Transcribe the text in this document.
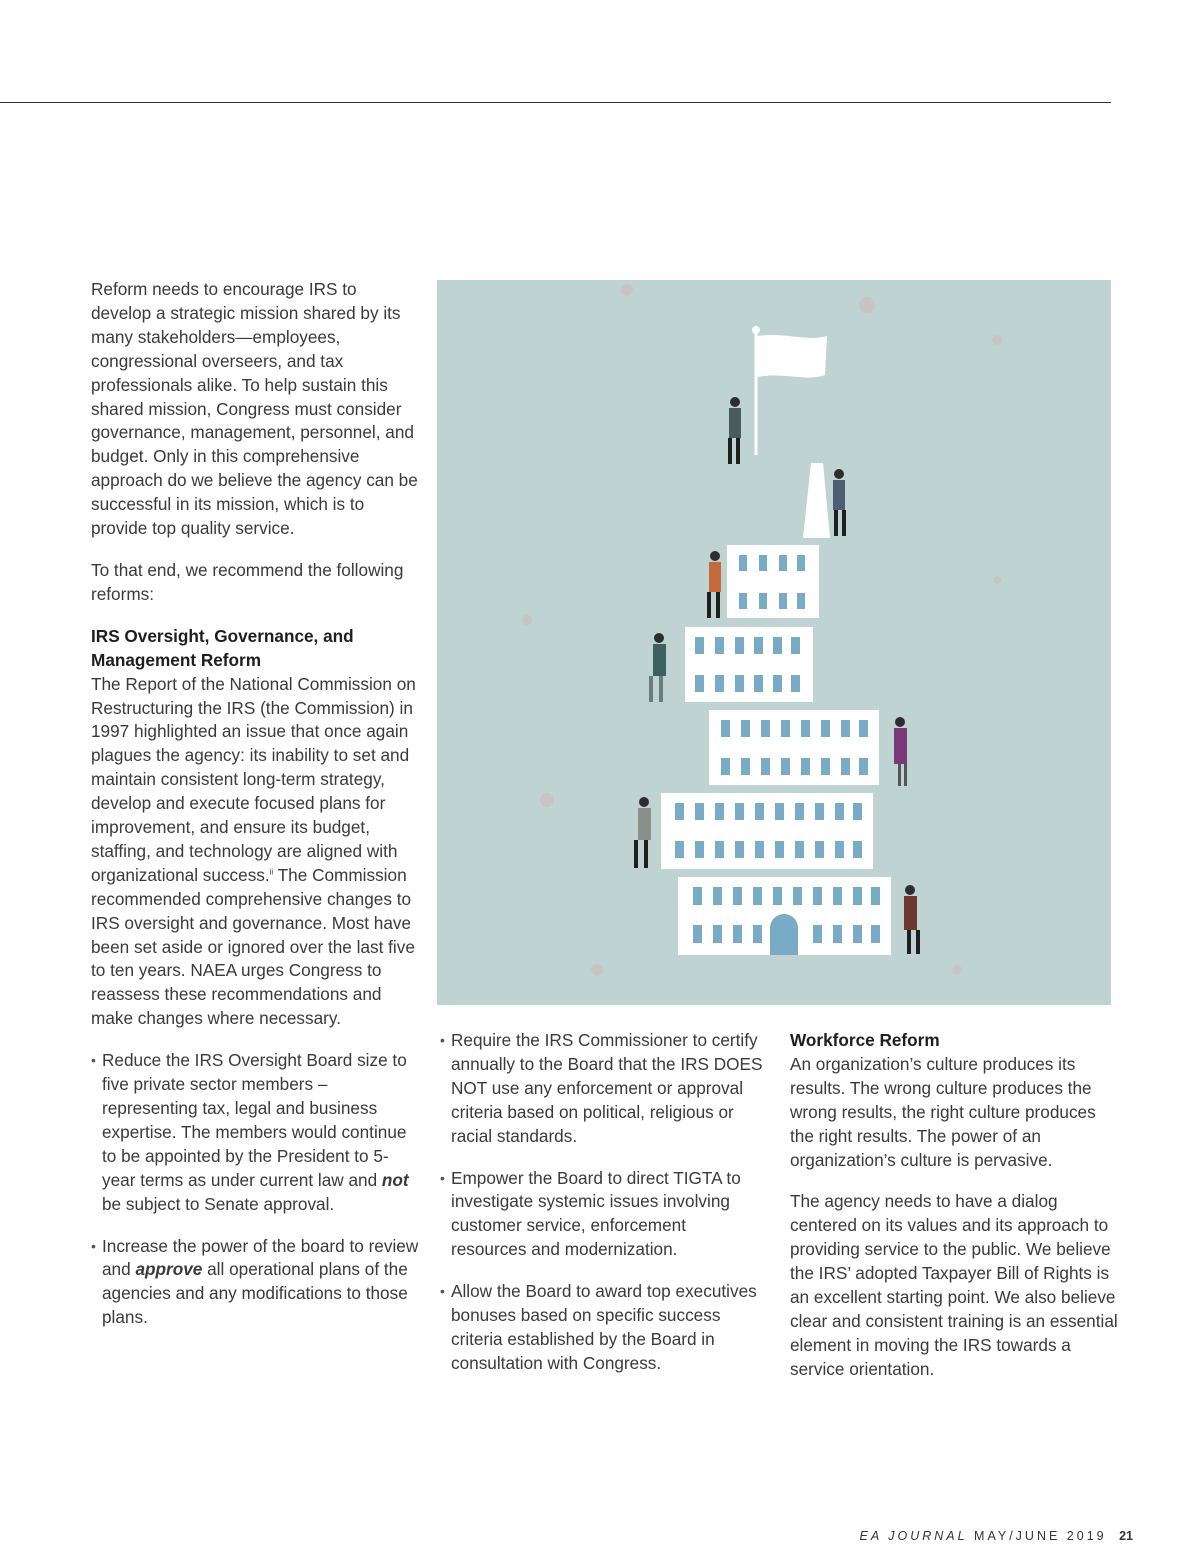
Reform needs to encourage IRS to develop a strategic mission shared by its many stakeholders—employees, congressional overseers, and tax professionals alike. To help sustain this shared mission, Congress must consider governance, management, personnel, and budget. Only in this comprehensive approach do we believe the agency can be successful in its mission, which is to provide top quality service.

To that end, we recommend the following reforms:

IRS Oversight, Governance, and
Management Reform

The Report of the National Commission on Restructuring the IRS (the Commission) in 1997 highlighted an issue that once again plagues the agency: its inability to set and maintain consistent long-term strategy, develop and execute focused plans for improvement, and ensure its budget, staffing, and technology are aligned with organizational success.$^{ii}$ The Commission recommended comprehensive changes to IRS oversight and governance. Most have been set aside or ignored over the last five to ten years. NAEA urges Congress to reassess these recommendations and make changes where necessary.

• Reduce the IRS Oversight Board size to five private sector members – representing tax, legal and business expertise. The members would continue to be appointed by the President to 5-year terms as under current law and not be subject to Senate approval.
• Increase the power of the board to review and approve all operational plans of the agencies and any modifications to those plans.
• Require the IRS Commissioner to certify annually to the Board that the IRS DOES NOT use any enforcement or approval criteria based on political, religious or racial standards.
• Empower the Board to direct TIGTA to investigate systemic issues involving customer service, enforcement resources and modernization.
• Allow the Board to award top executives bonuses based on specific success criteria established by the Board in consultation with Congress.
Workforce Reform

An organization’s culture produces its results. The wrong culture produces the wrong results, the right culture produces the right results. The power of an organization’s culture is pervasive.

The agency needs to have a dialog centered on its values and its approach to providing service to the public. We believe the IRS’ adopted Taxpayer Bill of Rights is an excellent starting point. We also believe clear and consistent training is an essential element in moving the IRS towards a service orientation.

EA JOURNAL MAY/JUNE 2019 21
